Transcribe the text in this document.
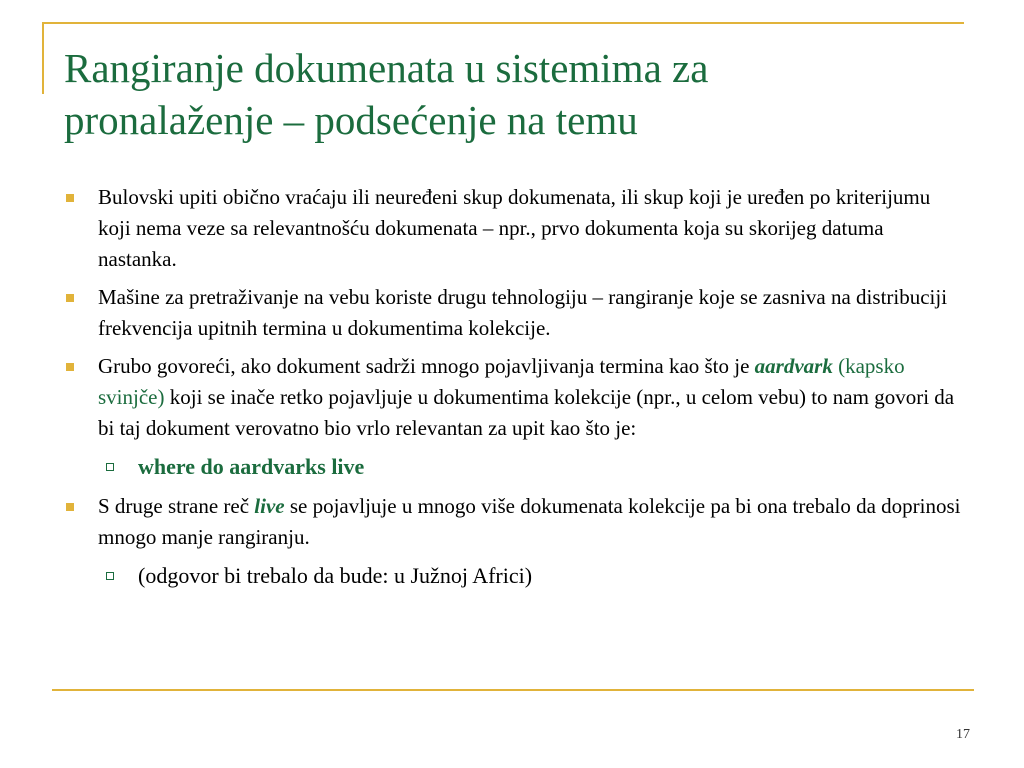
Rangiranje dokumenata u sistemima za
pronalaženje – podsećenje na temu
Bulovski upiti obično vraćaju ili neuređeni skup dokumenata, ili skup koji je uređen po kriterijumu koji nema veze sa relevantnošću dokumenata – npr., prvo dokumenta koja su skorijeg datuma nastanka.
Mašine za pretraživanje na vebu koriste drugu tehnologiju – rangiranje koje se zasniva na distribuciji frekvencija upitnih termina u dokumentima kolekcije.
Grubo govoreći, ako dokument sadrži mnogo pojavljivanja termina kao što je aardvark (kapsko svinjče) koji se inače retko pojavljuje u dokumentima kolekcije (npr., u celom vebu) to nam govori da bi taj dokument verovatno bio vrlo relevantan za upit kao što je:
where do aardvarks live
S druge strane reč live se pojavljuje u mnogo više dokumenata kolekcije pa bi ona trebalo da doprinosi mnogo manje rangiranju.
(odgovor bi trebalo da bude: u Južnoj Africi)
17
